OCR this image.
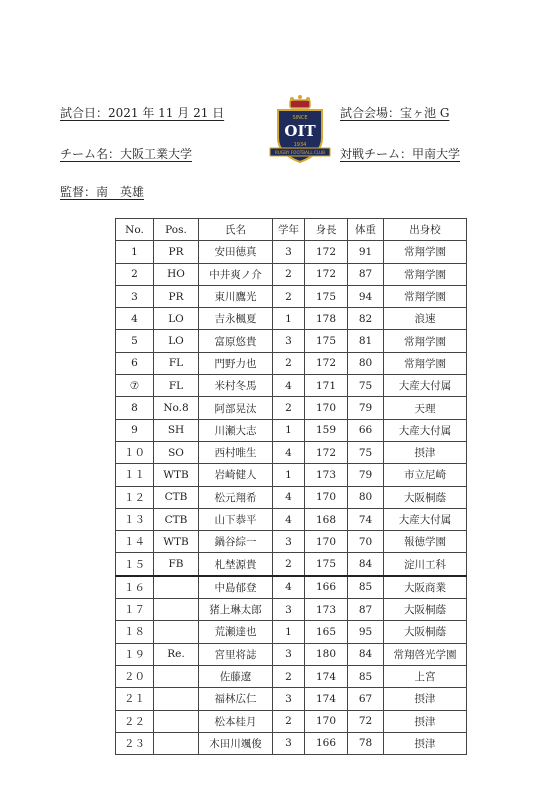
試合日：2021 年 11 月 21 日	試合会場：宝ヶ池 G
チーム名：大阪工業大学	対戦チーム：甲南大学
監督：南　英雄
SINCE
OIT
1934
RUGBY FOOTBALL CLUB
No.	Pos.	氏名	学年	身長	体重	出身校
1	PR	安田徳真	3	172	91	常翔学園
2	HO	中井爽ノ介	2	172	87	常翔学園
3	PR	東川鷹光	2	175	94	常翔学園
4	LO	吉永楓夏	1	178	82	浪速
5	LO	富原悠貴	3	175	81	常翔学園
6	FL	門野力也	2	172	80	常翔学園
⑦	FL	米村冬馬	4	171	75	大産大付属
8	No.8	阿部晃汰	2	170	79	天理
9	SH	川瀬大志	1	159	66	大産大付属
１０	SO	西村唯生	4	172	75	摂津
１１	WTB	岩崎健人	1	173	79	市立尼崎
１２	CTB	松元翔希	4	170	80	大阪桐蔭
１３	CTB	山下恭平	4	168	74	大産大付属
１４	WTB	鍋谷綜一	3	170	70	報徳学園
１５	FB	札埜源貴	2	175	84	淀川工科
１６		中島郁登	4	166	85	大阪商業
１７		猪上琳太郎	3	173	87	大阪桐蔭
１８		荒瀬達也	1	165	95	大阪桐蔭
１９	Re.	宮里将誌	3	180	84	常翔啓光学園
２０		佐藤遼	2	174	85	上宮
２１		福林広仁	3	174	67	摂津
２２		松本桂月	2	170	72	摂津
２３		木田川颯俊	3	166	78	摂津
